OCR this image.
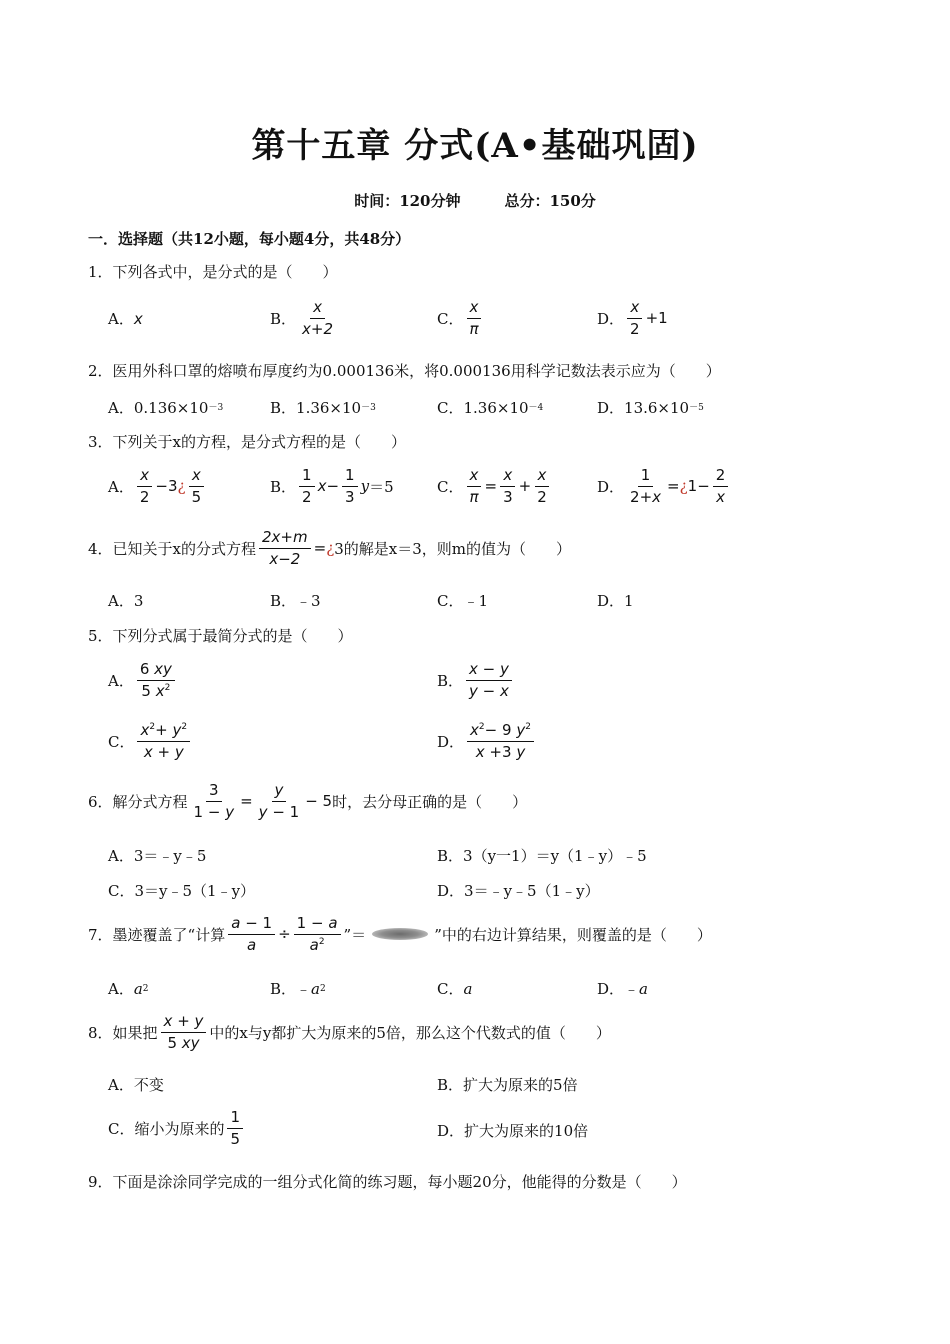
第十五章 分式(A•基础巩固)
时间：120分钟	总分：150分
一．选择题（共12小题，每小题4分，共48分）
1．下列各式中，是分式的是（　　）
A． x	B． $\frac{x}{x+2}$	C． $\frac{x}{\pi}$	D． $\frac{x}{2} +1$
2．医用外科口罩的熔喷布厚度约为0.000136米，将0.000136用科学记数法表示应为（　　）
A．0.136×10 －3	B．1.36×10 －3	C．1.36×10 －4	D．13.6×10 －5
3．下列关于x的方程，是分式方程的是（　　）
A． $\frac{x}{2} -3$ ¿ $\frac{x}{5}$	B． $\frac{1}{2}$ $x - \frac{1}{3}$ y ＝5	C． $\frac{x}{\pi} = \frac{x}{3} + \frac{x}{2}$	D． $\frac{1}{2+x}$ = ¿ $1- \frac{2}{x}$
4．已知关于x的分式方程 $\frac{2x+m}{x-2}$ = ¿ 3的解是x＝3，则m的值为（　　）
A．3	B．﹣3	C．﹣1	D．1
5．下列分式属于最简分式的是（　　）
A． $\frac{6 xy}{5 x^2}$	B． $\frac{x - y}{y - x}$
C． $\frac{x^2+ y^2}{x + y}$	D． $\frac{x^2- 9 y^2}{x +3 y}$
6．解分式方程 $\frac{3}{1 - y} = \frac{y}{y - 1} - 5$ 时，去分母正确的是（　　）
A．3＝﹣y﹣5	B．3（y一1）＝y（1﹣y）﹣5
C．3＝y﹣5（1﹣y）	D．3＝﹣y﹣5（1﹣y）
7．墨迹覆盖了“计算 $\frac{a - 1}{a} \div \frac{1 - a}{a^2}$ ”＝	”中的右边计算结果，则覆盖的是（　　）
A． a 2	B．﹣ a 2	C． a	D．﹣ a
8．如果把 $\frac{x + y}{5 xy}$ 中的x与y都扩大为原来的5倍，那么这个代数式的值（　　）
A．不变	B．扩大为原来的5倍
C．缩小为原来的 $\frac{1}{5}$	D．扩大为原来的10倍
9．下面是涂涂同学完成的一组分式化简的练习题，每小题20分，他能得的分数是（　　）
